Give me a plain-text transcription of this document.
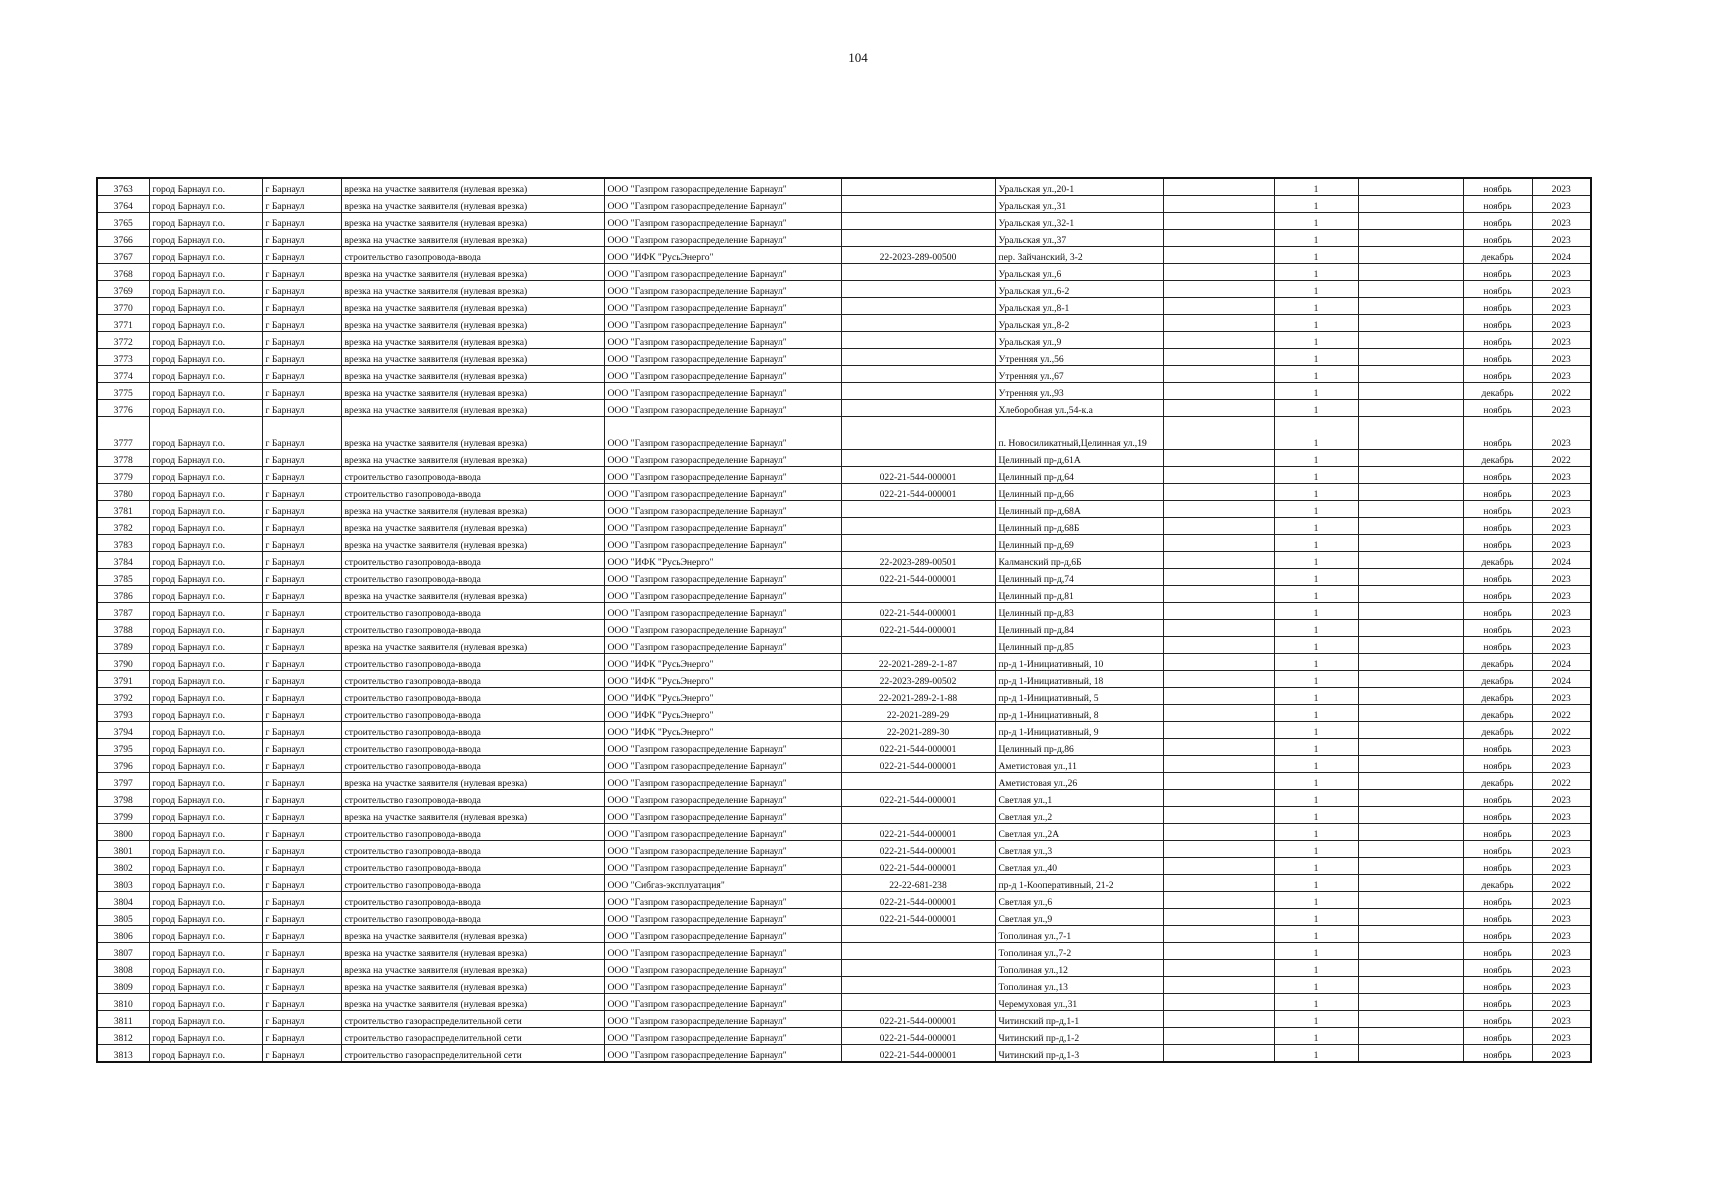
104
3763	город Барнаул г.о.	г Барнаул	врезка на участке заявителя (нулевая врезка)	ООО "Газпром газораспределение Барнаул"		Уральская ул.,20-1		1		ноябрь	2023
3764	город Барнаул г.о.	г Барнаул	врезка на участке заявителя (нулевая врезка)	ООО "Газпром газораспределение Барнаул"		Уральская ул.,31		1		ноябрь	2023
3765	город Барнаул г.о.	г Барнаул	врезка на участке заявителя (нулевая врезка)	ООО "Газпром газораспределение Барнаул"		Уральская ул.,32-1		1		ноябрь	2023
3766	город Барнаул г.о.	г Барнаул	врезка на участке заявителя (нулевая врезка)	ООО "Газпром газораспределение Барнаул"		Уральская ул.,37		1		ноябрь	2023
3767	город Барнаул г.о.	г Барнаул	строительство газопровода-ввода	ООО "ИФК "РусьЭнерго"	22-2023-289-00500	пер. Зайчанский, 3-2		1		декабрь	2024
3768	город Барнаул г.о.	г Барнаул	врезка на участке заявителя (нулевая врезка)	ООО "Газпром газораспределение Барнаул"		Уральская ул.,6		1		ноябрь	2023
3769	город Барнаул г.о.	г Барнаул	врезка на участке заявителя (нулевая врезка)	ООО "Газпром газораспределение Барнаул"		Уральская ул.,6-2		1		ноябрь	2023
3770	город Барнаул г.о.	г Барнаул	врезка на участке заявителя (нулевая врезка)	ООО "Газпром газораспределение Барнаул"		Уральская ул.,8-1		1		ноябрь	2023
3771	город Барнаул г.о.	г Барнаул	врезка на участке заявителя (нулевая врезка)	ООО "Газпром газораспределение Барнаул"		Уральская ул.,8-2		1		ноябрь	2023
3772	город Барнаул г.о.	г Барнаул	врезка на участке заявителя (нулевая врезка)	ООО "Газпром газораспределение Барнаул"		Уральская ул.,9		1		ноябрь	2023
3773	город Барнаул г.о.	г Барнаул	врезка на участке заявителя (нулевая врезка)	ООО "Газпром газораспределение Барнаул"		Утренняя ул.,56		1		ноябрь	2023
3774	город Барнаул г.о.	г Барнаул	врезка на участке заявителя (нулевая врезка)	ООО "Газпром газораспределение Барнаул"		Утренняя ул.,67		1		ноябрь	2023
3775	город Барнаул г.о.	г Барнаул	врезка на участке заявителя (нулевая врезка)	ООО "Газпром газораспределение Барнаул"		Утренняя ул.,93		1		декабрь	2022
3776	город Барнаул г.о.	г Барнаул	врезка на участке заявителя (нулевая врезка)	ООО "Газпром газораспределение Барнаул"		Хлеборобная ул.,54-к.а		1		ноябрь	2023
3777	город Барнаул г.о.	г Барнаул	врезка на участке заявителя (нулевая врезка)	ООО "Газпром газораспределение Барнаул"		п. Новосиликатный,Целинная ул.,19		1		ноябрь	2023
3778	город Барнаул г.о.	г Барнаул	врезка на участке заявителя (нулевая врезка)	ООО "Газпром газораспределение Барнаул"		Целинный пр-д,61А		1		декабрь	2022
3779	город Барнаул г.о.	г Барнаул	строительство газопровода-ввода	ООО "Газпром газораспределение Барнаул"	022-21-544-000001	Целинный пр-д,64		1		ноябрь	2023
3780	город Барнаул г.о.	г Барнаул	строительство газопровода-ввода	ООО "Газпром газораспределение Барнаул"	022-21-544-000001	Целинный пр-д,66		1		ноябрь	2023
3781	город Барнаул г.о.	г Барнаул	врезка на участке заявителя (нулевая врезка)	ООО "Газпром газораспределение Барнаул"		Целинный пр-д,68А		1		ноябрь	2023
3782	город Барнаул г.о.	г Барнаул	врезка на участке заявителя (нулевая врезка)	ООО "Газпром газораспределение Барнаул"		Целинный пр-д,68Б		1		ноябрь	2023
3783	город Барнаул г.о.	г Барнаул	врезка на участке заявителя (нулевая врезка)	ООО "Газпром газораспределение Барнаул"		Целинный пр-д,69		1		ноябрь	2023
3784	город Барнаул г.о.	г Барнаул	строительство газопровода-ввода	ООО "ИФК "РусьЭнерго"	22-2023-289-00501	Калманский пр-д,6Б		1		декабрь	2024
3785	город Барнаул г.о.	г Барнаул	строительство газопровода-ввода	ООО "Газпром газораспределение Барнаул"	022-21-544-000001	Целинный пр-д,74		1		ноябрь	2023
3786	город Барнаул г.о.	г Барнаул	врезка на участке заявителя (нулевая врезка)	ООО "Газпром газораспределение Барнаул"		Целинный пр-д,81		1		ноябрь	2023
3787	город Барнаул г.о.	г Барнаул	строительство газопровода-ввода	ООО "Газпром газораспределение Барнаул"	022-21-544-000001	Целинный пр-д,83		1		ноябрь	2023
3788	город Барнаул г.о.	г Барнаул	строительство газопровода-ввода	ООО "Газпром газораспределение Барнаул"	022-21-544-000001	Целинный пр-д,84		1		ноябрь	2023
3789	город Барнаул г.о.	г Барнаул	врезка на участке заявителя (нулевая врезка)	ООО "Газпром газораспределение Барнаул"		Целинный пр-д,85		1		ноябрь	2023
3790	город Барнаул г.о.	г Барнаул	строительство газопровода-ввода	ООО "ИФК "РусьЭнерго"	22-2021-289-2-1-87	пр-д 1-Инициативный, 10		1		декабрь	2024
3791	город Барнаул г.о.	г Барнаул	строительство газопровода-ввода	ООО "ИФК "РусьЭнерго"	22-2023-289-00502	пр-д 1-Инициативный, 18		1		декабрь	2024
3792	город Барнаул г.о.	г Барнаул	строительство газопровода-ввода	ООО "ИФК "РусьЭнерго"	22-2021-289-2-1-88	пр-д 1-Инициативный, 5		1		декабрь	2023
3793	город Барнаул г.о.	г Барнаул	строительство газопровода-ввода	ООО "ИФК "РусьЭнерго"	22-2021-289-29	пр-д 1-Инициативный, 8		1		декабрь	2022
3794	город Барнаул г.о.	г Барнаул	строительство газопровода-ввода	ООО "ИФК "РусьЭнерго"	22-2021-289-30	пр-д 1-Инициативный, 9		1		декабрь	2022
3795	город Барнаул г.о.	г Барнаул	строительство газопровода-ввода	ООО "Газпром газораспределение Барнаул"	022-21-544-000001	Целинный пр-д,86		1		ноябрь	2023
3796	город Барнаул г.о.	г Барнаул	строительство газопровода-ввода	ООО "Газпром газораспределение Барнаул"	022-21-544-000001	Аметистовая ул.,11		1		ноябрь	2023
3797	город Барнаул г.о.	г Барнаул	врезка на участке заявителя (нулевая врезка)	ООО "Газпром газораспределение Барнаул"		Аметистовая ул.,26		1		декабрь	2022
3798	город Барнаул г.о.	г Барнаул	строительство газопровода-ввода	ООО "Газпром газораспределение Барнаул"	022-21-544-000001	Светлая ул.,1		1		ноябрь	2023
3799	город Барнаул г.о.	г Барнаул	врезка на участке заявителя (нулевая врезка)	ООО "Газпром газораспределение Барнаул"		Светлая ул.,2		1		ноябрь	2023
3800	город Барнаул г.о.	г Барнаул	строительство газопровода-ввода	ООО "Газпром газораспределение Барнаул"	022-21-544-000001	Светлая ул.,2А		1		ноябрь	2023
3801	город Барнаул г.о.	г Барнаул	строительство газопровода-ввода	ООО "Газпром газораспределение Барнаул"	022-21-544-000001	Светлая ул.,3		1		ноябрь	2023
3802	город Барнаул г.о.	г Барнаул	строительство газопровода-ввода	ООО "Газпром газораспределение Барнаул"	022-21-544-000001	Светлая ул.,40		1		ноябрь	2023
3803	город Барнаул г.о.	г Барнаул	строительство газопровода-ввода	ООО "Сибгаз-эксплуатация"	22-22-681-238	пр-д 1-Кооперативный, 21-2		1		декабрь	2022
3804	город Барнаул г.о.	г Барнаул	строительство газопровода-ввода	ООО "Газпром газораспределение Барнаул"	022-21-544-000001	Светлая ул.,6		1		ноябрь	2023
3805	город Барнаул г.о.	г Барнаул	строительство газопровода-ввода	ООО "Газпром газораспределение Барнаул"	022-21-544-000001	Светлая ул.,9		1		ноябрь	2023
3806	город Барнаул г.о.	г Барнаул	врезка на участке заявителя (нулевая врезка)	ООО "Газпром газораспределение Барнаул"		Тополиная ул.,7-1		1		ноябрь	2023
3807	город Барнаул г.о.	г Барнаул	врезка на участке заявителя (нулевая врезка)	ООО "Газпром газораспределение Барнаул"		Тополиная ул.,7-2		1		ноябрь	2023
3808	город Барнаул г.о.	г Барнаул	врезка на участке заявителя (нулевая врезка)	ООО "Газпром газораспределение Барнаул"		Тополиная ул.,12		1		ноябрь	2023
3809	город Барнаул г.о.	г Барнаул	врезка на участке заявителя (нулевая врезка)	ООО "Газпром газораспределение Барнаул"		Тополиная ул.,13		1		ноябрь	2023
3810	город Барнаул г.о.	г Барнаул	врезка на участке заявителя (нулевая врезка)	ООО "Газпром газораспределение Барнаул"		Черемуховая ул.,31		1		ноябрь	2023
3811	город Барнаул г.о.	г Барнаул	строительство газораспределительной сети	ООО "Газпром газораспределение Барнаул"	022-21-544-000001	Читинский пр-д,1-1		1		ноябрь	2023
3812	город Барнаул г.о.	г Барнаул	строительство газораспределительной сети	ООО "Газпром газораспределение Барнаул"	022-21-544-000001	Читинский пр-д,1-2		1		ноябрь	2023
3813	город Барнаул г.о.	г Барнаул	строительство газораспределительной сети	ООО "Газпром газораспределение Барнаул"	022-21-544-000001	Читинский пр-д,1-3		1		ноябрь	2023
